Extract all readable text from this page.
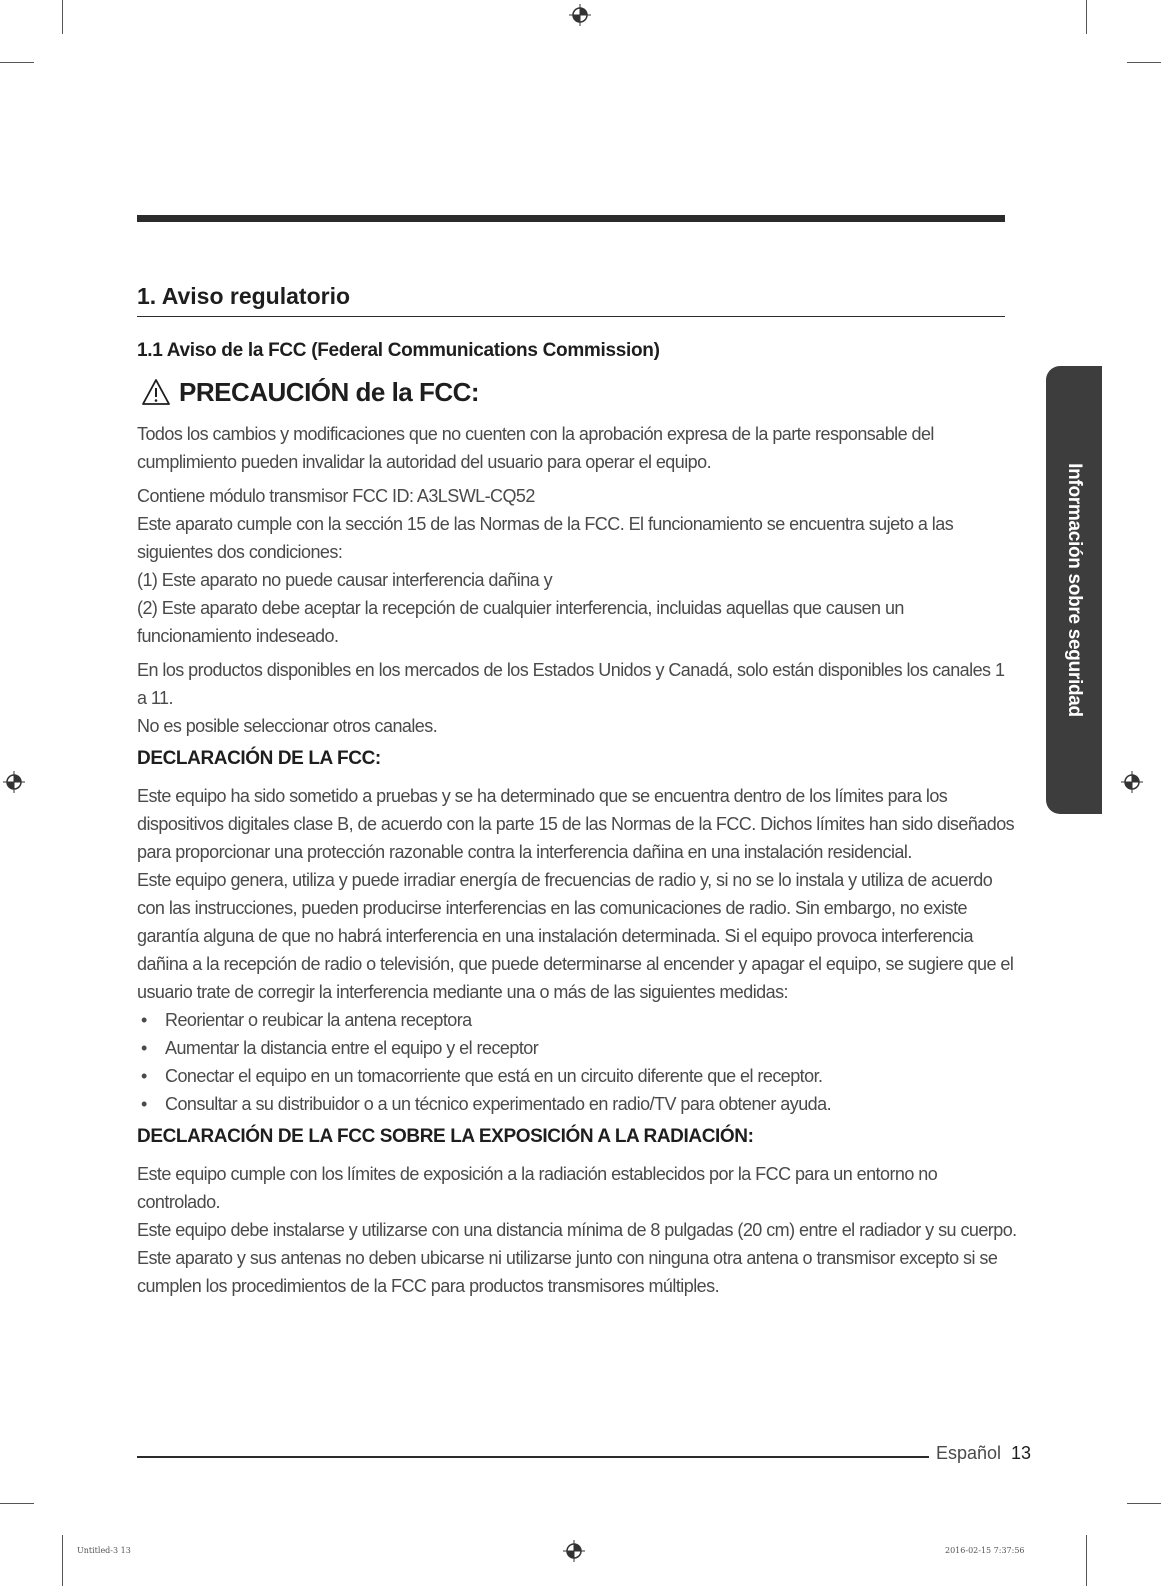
1. Aviso regulatorio
1.1 Aviso de la FCC (Federal Communications Commission)
PRECAUCIÓN de la FCC:

Todos los cambios y modificaciones que no cuenten con la aprobación expresa de la parte responsable del cumplimiento pueden invalidar la autoridad del usuario para operar el equipo.

Contiene módulo transmisor FCC ID: A3LSWL-CQ52

Este aparato cumple con la sección 15 de las Normas de la FCC. El funcionamiento se encuentra sujeto a las siguientes dos condiciones:

(1) Este aparato no puede causar interferencia dañina y

(2) Este aparato debe aceptar la recepción de cualquier interferencia, incluidas aquellas que causen un funcionamiento indeseado.

En los productos disponibles en los mercados de los Estados Unidos y Canadá, solo están disponibles los canales 1 a 11.

No es posible seleccionar otros canales.

DECLARACIÓN DE LA FCC:

Este equipo ha sido sometido a pruebas y se ha determinado que se encuentra dentro de los límites para los dispositivos digitales clase B, de acuerdo con la parte 15 de las Normas de la FCC. Dichos límites han sido diseñados para proporcionar una protección razonable contra la interferencia dañina en una instalación residencial.

Este equipo genera, utiliza y puede irradiar energía de frecuencias de radio y, si no se lo instala y utiliza de acuerdo con las instrucciones, pueden producirse interferencias en las comunicaciones de radio. Sin embargo, no existe garantía alguna de que no habrá interferencia en una instalación determinada. Si el equipo provoca interferencia dañina a la recepción de radio o televisión, que puede determinarse al encender y apagar el equipo, se sugiere que el usuario trate de corregir la interferencia mediante una o más de las siguientes medidas:

• Reorientar o reubicar la antena receptora
• Aumentar la distancia entre el equipo y el receptor
• Conectar el equipo en un tomacorriente que está en un circuito diferente que el receptor.
• Consultar a su distribuidor o a un técnico experimentado en radio/TV para obtener ayuda.
DECLARACIÓN DE LA FCC SOBRE LA EXPOSICIÓN A LA RADIACIÓN:

Este equipo cumple con los límites de exposición a la radiación establecidos por la FCC para un entorno no controlado.

Este equipo debe instalarse y utilizarse con una distancia mínima de 8 pulgadas (20 cm) entre el radiador y su cuerpo. Este aparato y sus antenas no deben ubicarse ni utilizarse junto con ninguna otra antena o transmisor excepto si se cumplen los procedimientos de la FCC para productos transmisores múltiples.

Información sobre seguridad
Español 13
Untitled-3 13	2016-02-15 7:37:56
